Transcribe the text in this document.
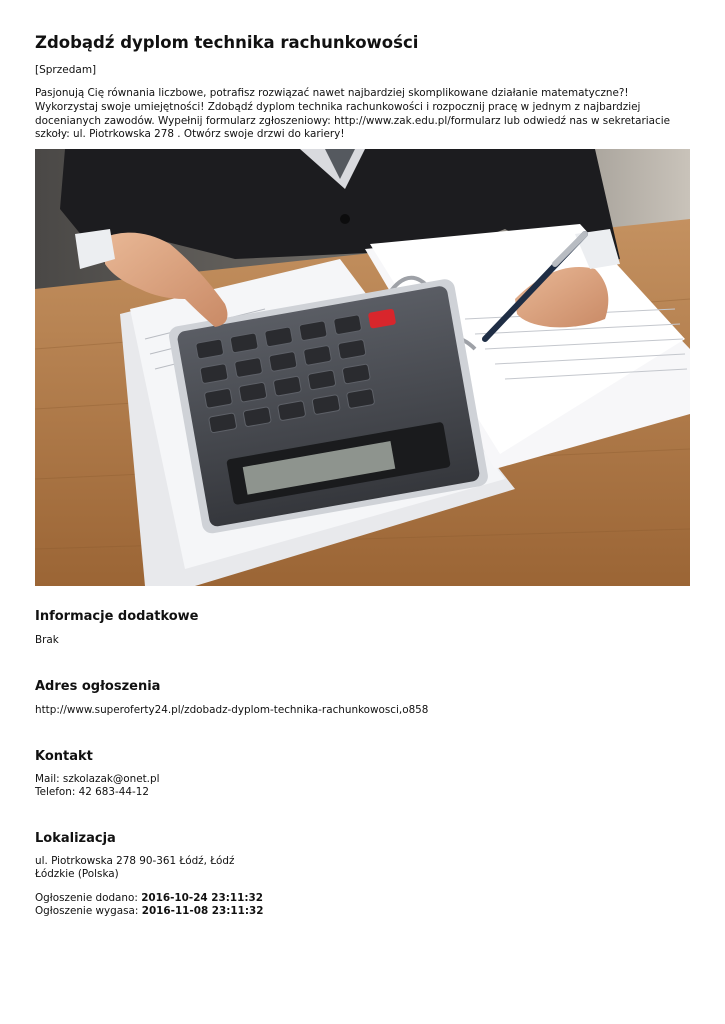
Zdobądź dyplom technika rachunkowości
[Sprzedam]

Pasjonują Cię równania liczbowe, potrafisz rozwiązać nawet najbardziej skomplikowane działanie matematyczne?! Wykorzystaj swoje umiejętności! Zdobądź dyplom technika rachunkowości i rozpocznij pracę w jednym z najbardziej docenianych zawodów. Wypełnij formularz zgłoszeniowy: http://www.zak.edu.pl/formularz lub odwiedź nas w sekretariacie szkoły: ul. Piotrkowska 278 . Otwórz swoje drzwi do kariery!

Informacje dodatkowe
Brak
Adres ogłoszenia
http://www.superoferty24.pl/zdobadz-dyplom-technika-rachunkowosci,o858
Kontakt
Mail: szkolazak@onet.pl
Telefon: 42 683-44-12
Lokalizacja
ul. Piotrkowska 278 90-361 Łódź, Łódź
Łódzkie (Polska)
Ogłoszenie dodano: 2016-10-24 23:11:32
Ogłoszenie wygasa: 2016-11-08 23:11:32
